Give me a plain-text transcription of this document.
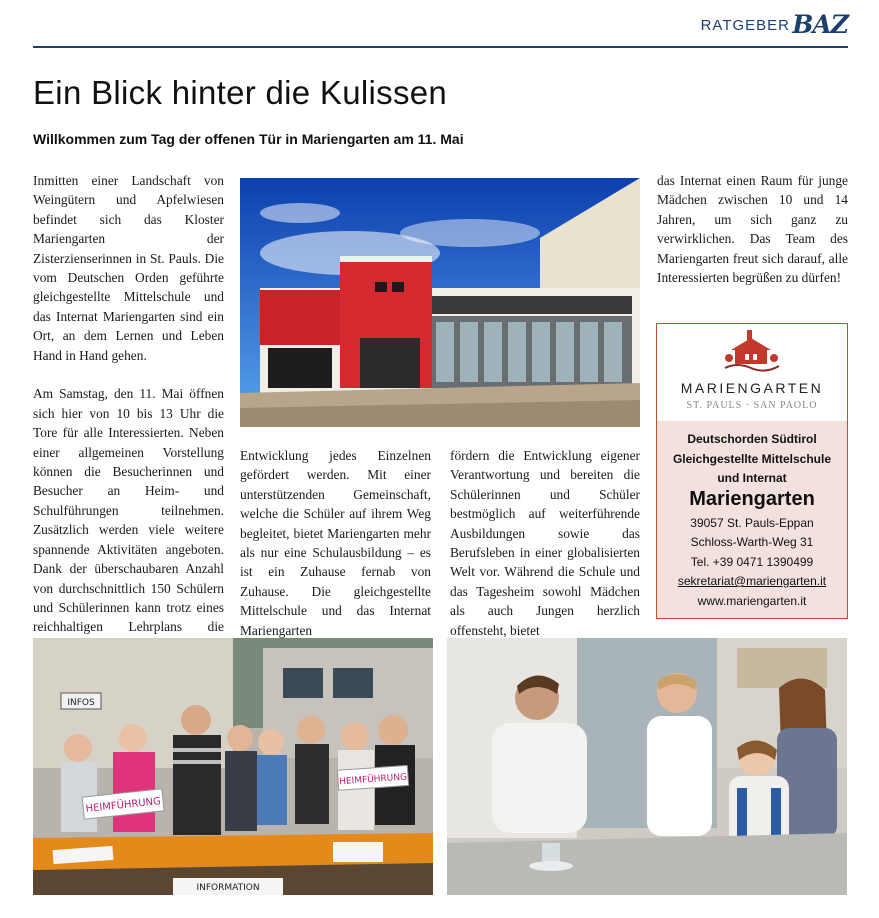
RATGEBER BAZ
Ein Blick hinter die Kulissen
Willkommen zum Tag der offenen Tür in Mariengarten am 11. Mai

Inmitten einer Landschaft von Weingütern und Apfelwiesen befindet sich das Kloster Mariengarten der Zisterzienserinnen in St. Pauls. Die vom Deutschen Orden geführte gleichgestellte Mittelschule und das Internat Mariengarten sind ein Ort, an dem Lernen und Leben Hand in Hand gehen.

Am Samstag, den 11. Mai öffnen sich hier von 10 bis 13 Uhr die Tore für alle Interessierten. Neben einer allgemeinen Vorstellung können die Besucherinnen und Besucher an Heim- und Schulführungen teilnehmen. Zusätzlich werden viele weitere spannende Aktivitäten angeboten. Dank der überschaubaren Anzahl von durchschnittlich 150 Schülern und Schülerinnen kann trotz eines reichhaltigen Lehrplans die

Entwicklung jedes Einzelnen gefördert werden. Mit einer unterstützenden Gemeinschaft, welche die Schüler auf ihrem Weg begleitet, bietet Mariengarten mehr als nur eine Schulausbildung – es ist ein Zuhause fernab von Zuhause. Die gleichgestellte Mittelschule und das Internat Mariengarten

fördern die Entwicklung eigener Verantwortung und bereiten die Schülerinnen und Schüler bestmöglich auf weiterführende Ausbildungen sowie das Berufsleben in einer globalisierten Welt vor. Während die Schule und das Tagesheim sowohl Mädchen als auch Jungen herzlich offensteht, bietet

das Internat einen Raum für junge Mädchen zwischen 10 und 14 Jahren, um sich ganz zu verwirklichen. Das Team des Mariengarten freut sich darauf, alle Interessierten begrüßen zu dürfen!

MARIENGARTEN
ST. PAULS · SAN PAOLO
Deutschorden Südtirol
Gleichgestellte Mittelschule
und Internat
Mariengarten
39057 St. Pauls-Eppan
Schloss-Warth-Weg 31
Tel. +39 0471 1390499
sekretariat@mariengarten.it
www.mariengarten.it
INFOS
HEIMFÜHRUNG
HEIMFÜHRUNG
INFORMATION
